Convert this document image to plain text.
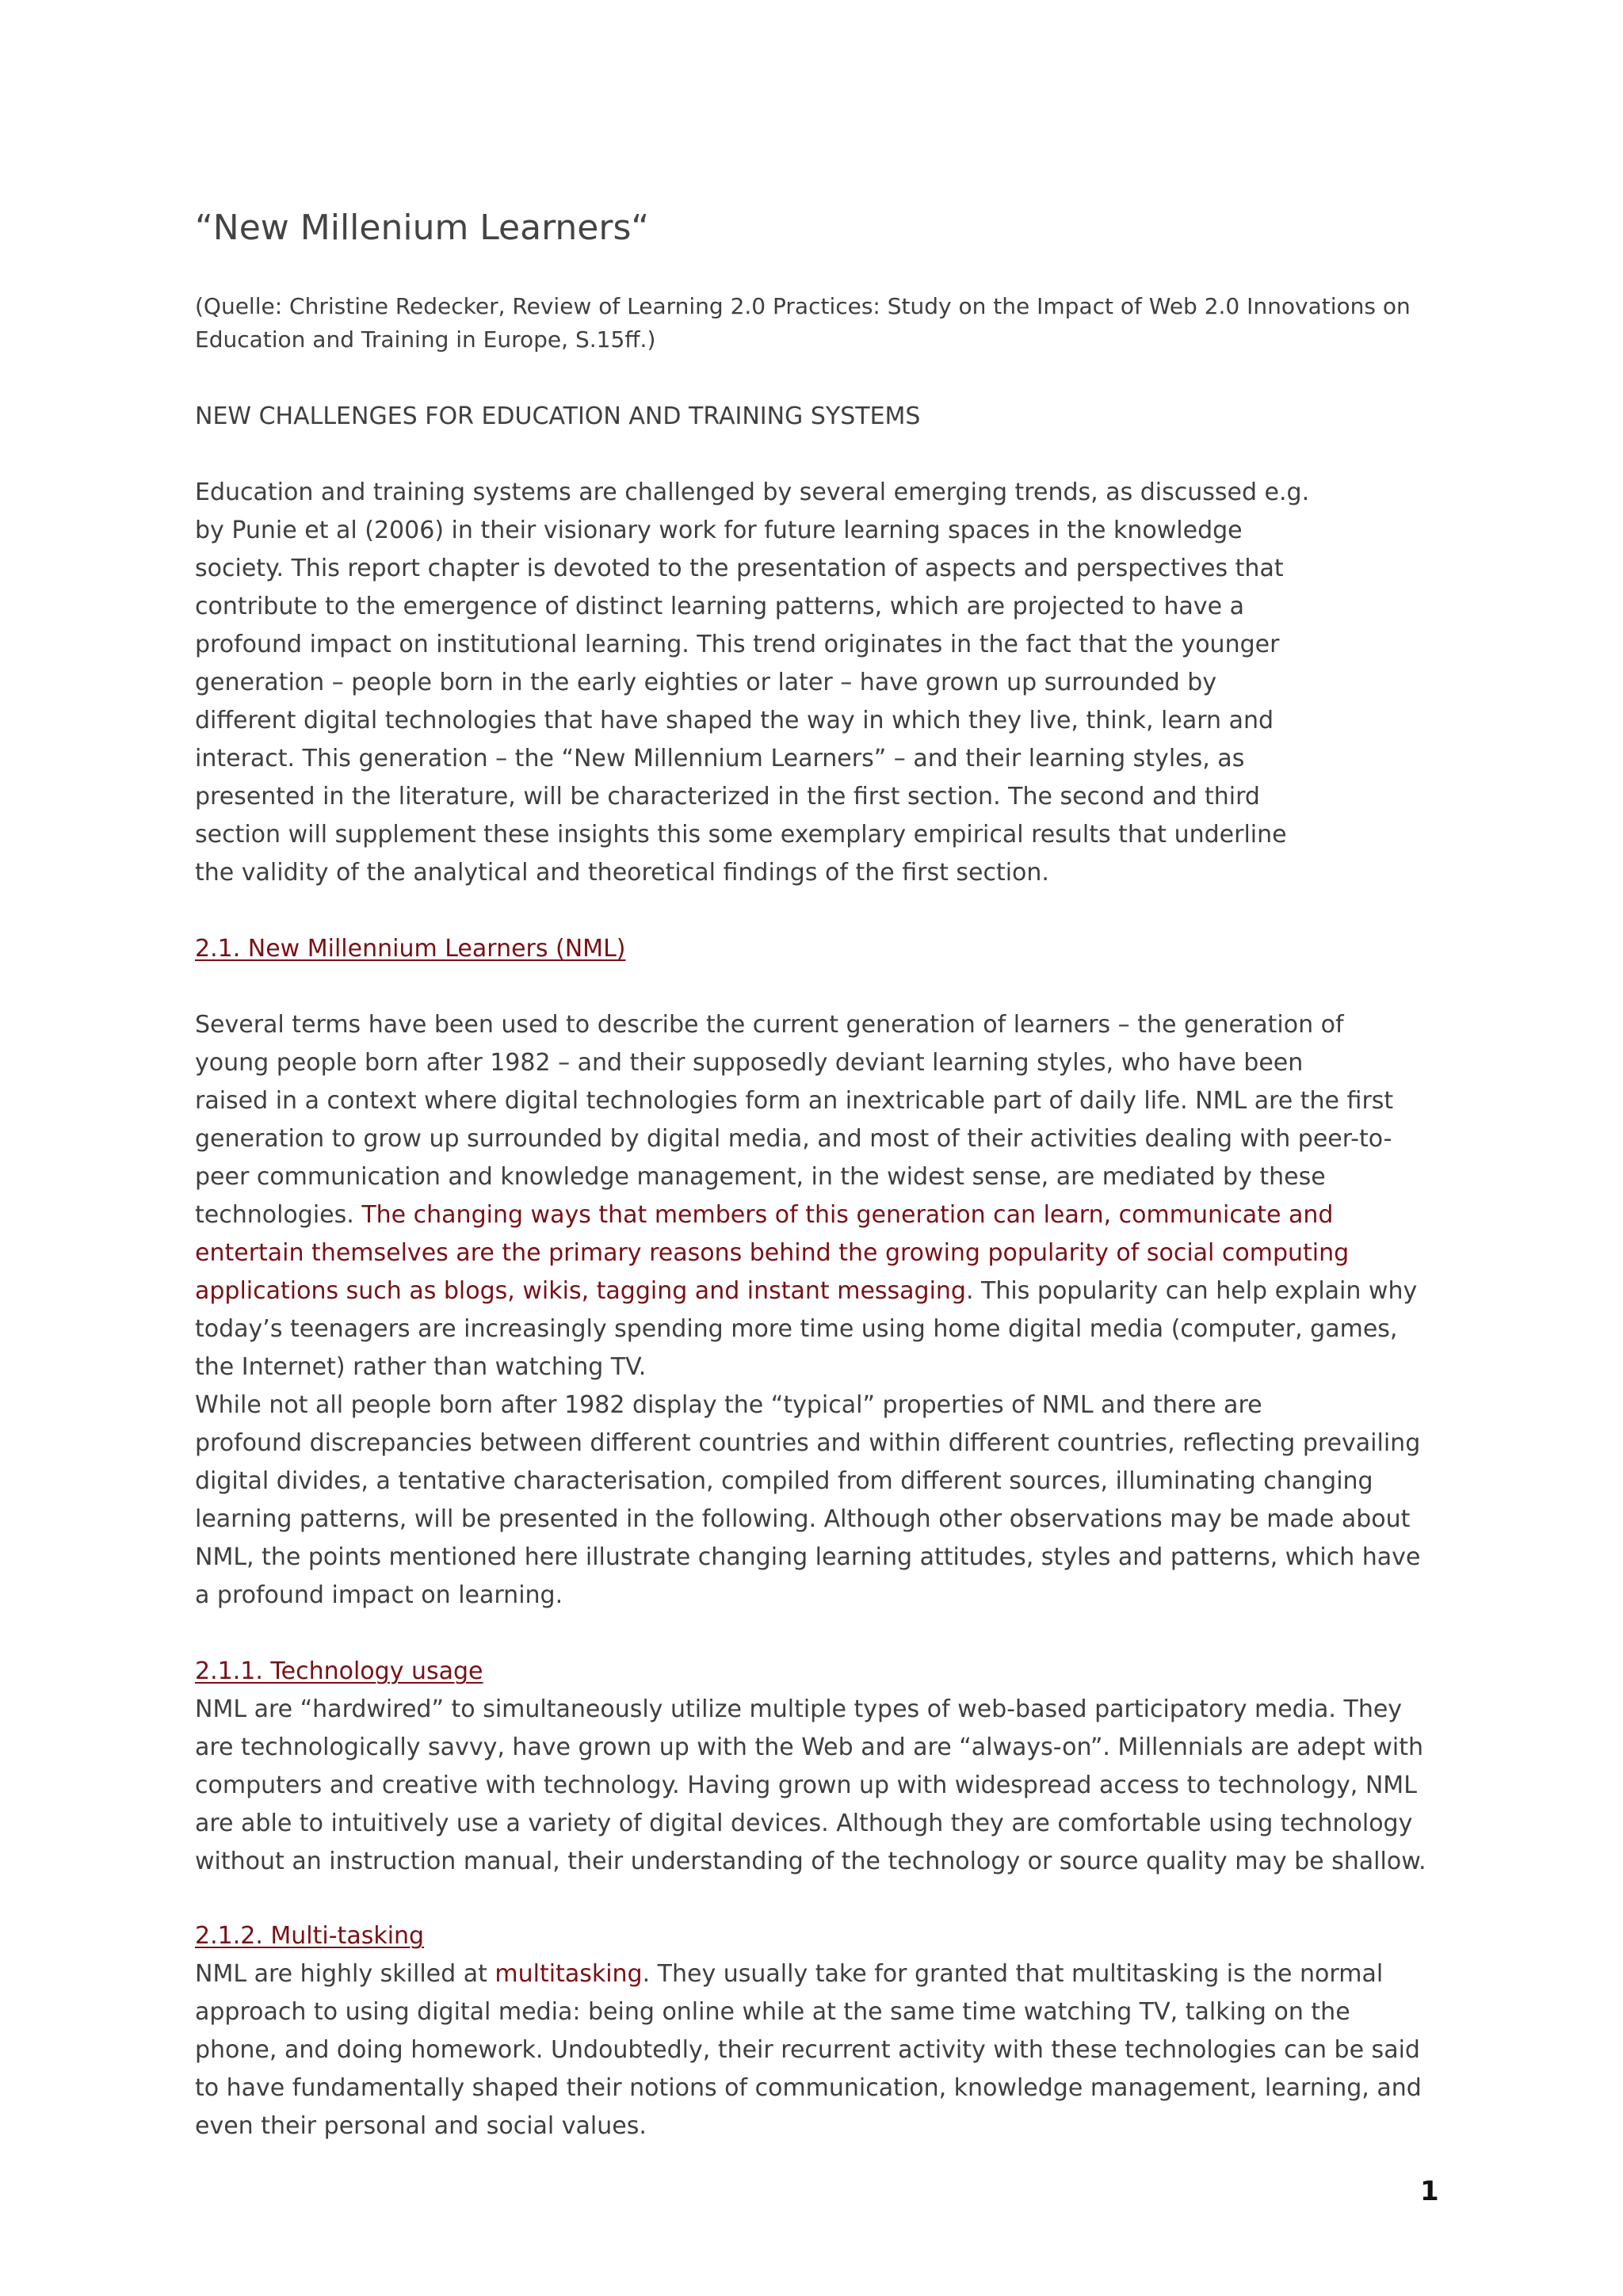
“New Millenium Learners“
(Quelle: Christine Redecker, Review of Learning 2.0 Practices: Study on the Impact of Web 2.0 Innovations on
Education and Training in Europe, S.15ff.)
NEW CHALLENGES FOR EDUCATION AND TRAINING SYSTEMS
Education and training systems are challenged by several emerging trends, as discussed e.g.
by Punie et al (2006) in their visionary work for future learning spaces in the knowledge
society. This report chapter is devoted to the presentation of aspects and perspectives that
contribute to the emergence of distinct learning patterns, which are projected to have a
profound impact on institutional learning. This trend originates in the fact that the younger
generation – people born in the early eighties or later – have grown up surrounded by
different digital technologies that have shaped the way in which they live, think, learn and
interact. This generation – the “New Millennium Learners” – and their learning styles, as
presented in the literature, will be characterized in the first section. The second and third
section will supplement these insights this some exemplary empirical results that underline
the validity of the analytical and theoretical findings of the first section.
2.1. New Millennium Learners (NML)
Several terms have been used to describe the current generation of learners – the generation of
young people born after 1982 – and their supposedly deviant learning styles, who have been
raised in a context where digital technologies form an inextricable part of daily life. NML are the first
generation to grow up surrounded by digital media, and most of their activities dealing with peer-to-
peer communication and knowledge management, in the widest sense, are mediated by these
technologies. The changing ways that members of this generation can learn, communicate and
entertain themselves are the primary reasons behind the growing popularity of social computing
applications such as blogs, wikis, tagging and instant messaging. This popularity can help explain why
today’s teenagers are increasingly spending more time using home digital media (computer, games,
the Internet) rather than watching TV.
While not all people born after 1982 display the “typical” properties of NML and there are
profound discrepancies between different countries and within different countries, reflecting prevailing
digital divides, a tentative characterisation, compiled from different sources, illuminating changing
learning patterns, will be presented in the following. Although other observations may be made about
NML, the points mentioned here illustrate changing learning attitudes, styles and patterns, which have
a profound impact on learning.
2.1.1. Technology usage
NML are “hardwired” to simultaneously utilize multiple types of web-based participatory media. They
are technologically savvy, have grown up with the Web and are “always-on”. Millennials are adept with
computers and creative with technology. Having grown up with widespread access to technology, NML
are able to intuitively use a variety of digital devices. Although they are comfortable using technology
without an instruction manual, their understanding of the technology or source quality may be shallow.
2.1.2. Multi-tasking
NML are highly skilled at multitasking. They usually take for granted that multitasking is the normal
approach to using digital media: being online while at the same time watching TV, talking on the
phone, and doing homework. Undoubtedly, their recurrent activity with these technologies can be said
to have fundamentally shaped their notions of communication, knowledge management, learning, and
even their personal and social values.
1
